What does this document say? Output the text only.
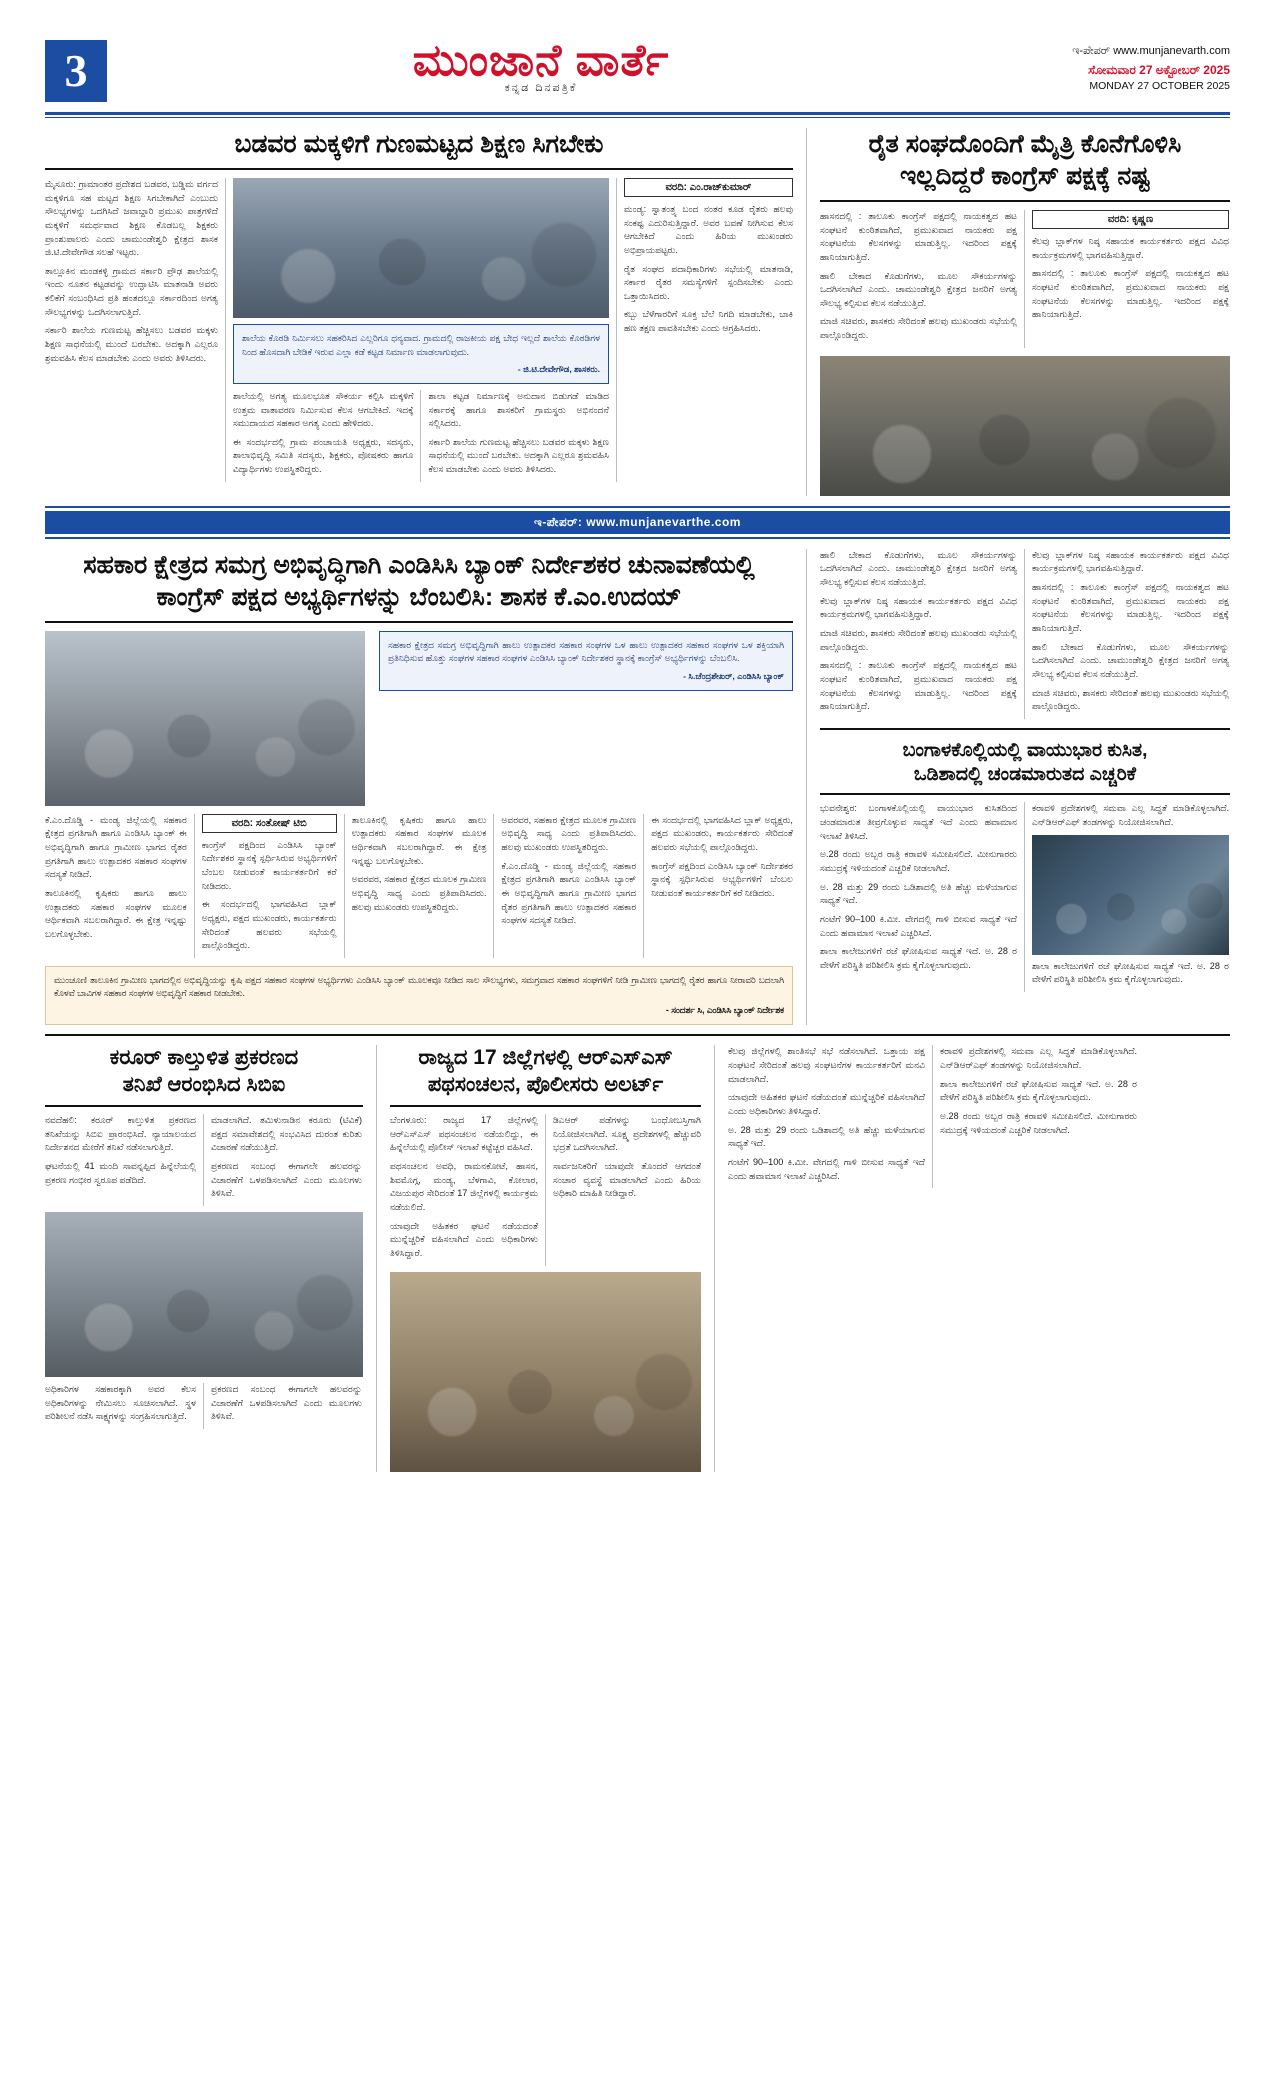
3	ಮುಂಜಾನೆ ವಾರ್ತೆ
ಕನ್ನಡ ದಿನಪತ್ರಿಕೆ
ಇ-ಪೇಪರ್ www.munjanevarth.com
ಸೋಮವಾರ 27 ಅಕ್ಟೋಬರ್ 2025
MONDAY 27 OCTOBER 2025
ಬಡವರ ಮಕ್ಕಳಿಗೆ ಗುಣಮಟ್ಟದ ಶಿಕ್ಷಣ ಸಿಗಬೇಕು

ಮೈಸೂರು: ಗ್ರಾಮಾಂತರ ಪ್ರದೇಶದ ಬಡವರ, ಬಡ್ಡಿಮ ವರ್ಗದ ಮಕ್ಕಳಿಗೂ ಸಹ ಮಟ್ಟದ ಶಿಕ್ಷಣ ಸಿಗಬೇಕಾಗಿದೆ ಎಂಬುದು ಸೌಲಭ್ಯಗಳನ್ನು ಒದಗಿಸಿದೆ ಜವಾಬ್ದಾರಿ ಪ್ರಮುಖ ಪಾತ್ರಗಳಿದೆ ಮಕ್ಕಳಿಗೆ ಸಮರ್ಥವಾದ ಶಿಕ್ಷಣ ಕೊಡಬಲ್ಲ ಶಿಕ್ಷಕರು ಪ್ರಾಂಶುಪಾಲರು ಎಂದು ಚಾಮುಂಡೇಶ್ವರಿ ಕ್ಷೇತ್ರದ ಶಾಸಕ ಜಿ.ಟಿ.ದೇವೇಗೌಡ ಸಲಹೆ ಇಟ್ಟರು.

ತಾಲ್ಲೂಕಿನ ಮಂಡಕಳ್ಳಿ ಗ್ರಾಮದ ಸರ್ಕಾರಿ ಪ್ರೌಢ ಶಾಲೆಯಲ್ಲಿ ಇಂದು ನೂತನ ಕಟ್ಟಡವನ್ನು ಉದ್ಘಾಟಿಸಿ ಮಾತನಾಡಿ ಅವರು ಕಲಿಕೆಗೆ ಸಂಬಂಧಿಸಿದ ಪ್ರತಿ ಹಂತದಲ್ಲೂ ಸರ್ಕಾರದಿಂದ ಅಗತ್ಯ ಸೌಲಭ್ಯಗಳನ್ನು ಒದಗಿಸಲಾಗುತ್ತಿದೆ.

ಸರ್ಕಾರಿ ಶಾಲೆಯ ಗುಣಮಟ್ಟ ಹೆಚ್ಚಿಸಲು ಬಡವರ ಮಕ್ಕಳು ಶಿಕ್ಷಣ ಸಾಧನೆಯಲ್ಲಿ ಮುಂದೆ ಬರಬೇಕು. ಅದಕ್ಕಾಗಿ ಎಲ್ಲರೂ ಶ್ರಮವಹಿಸಿ ಕೆಲಸ ಮಾಡಬೇಕು ಎಂದು ಅವರು ತಿಳಿಸಿದರು.

ಶಾಲೆಯ ಕೊಠಡಿ ನಿರ್ಮಿಸಲು ಸಹಕರಿಸಿದ ಎಲ್ಲರಿಗೂ ಧನ್ಯವಾದ. ಗ್ರಾಮದಲ್ಲಿ ರಾಜಕೀಯ ಪಕ್ಷ ಬೇಧ ಇಲ್ಲದೆ ಶಾಲೆಯ ಕೊಠಡಿಗಳ ನಿಂದ ಹೊಸದಾಗಿ ಬೇಡಿಕೆ ಇರುವ ಎಲ್ಲಾ ಕಡೆ ಕಟ್ಟಡ ನಿರ್ಮಾಣ ಮಾಡಲಾಗುವುದು.
- ಜಿ.ಟಿ.ದೇವೇಗೌಡ, ಶಾಸಕರು.

ಶಾಲೆಯಲ್ಲಿ ಅಗತ್ಯ ಮೂಲಭೂತ ಸೌಕರ್ಯ ಕಲ್ಪಿಸಿ ಮಕ್ಕಳಿಗೆ ಉತ್ತಮ ವಾತಾವರಣ ನಿರ್ಮಿಸುವ ಕೆಲಸ ಆಗಬೇಕಿದೆ. ಇದಕ್ಕೆ ಸಮುದಾಯದ ಸಹಕಾರ ಅಗತ್ಯ ಎಂದು ಹೇಳಿದರು.

ಈ ಸಂದರ್ಭದಲ್ಲಿ ಗ್ರಾಮ ಪಂಚಾಯತಿ ಅಧ್ಯಕ್ಷರು, ಸದಸ್ಯರು, ಶಾಲಾಭಿವೃದ್ಧಿ ಸಮಿತಿ ಸದಸ್ಯರು, ಶಿಕ್ಷಕರು, ಪೋಷಕರು ಹಾಗೂ ವಿದ್ಯಾರ್ಥಿಗಳು ಉಪಸ್ಥಿತರಿದ್ದರು.

ಶಾಲಾ ಕಟ್ಟಡ ನಿರ್ಮಾಣಕ್ಕೆ ಅನುದಾನ ಬಿಡುಗಡೆ ಮಾಡಿದ ಸರ್ಕಾರಕ್ಕೆ ಹಾಗೂ ಶಾಸಕರಿಗೆ ಗ್ರಾಮಸ್ಥರು ಅಭಿನಂದನೆ ಸಲ್ಲಿಸಿದರು.

ಸರ್ಕಾರಿ ಶಾಲೆಯ ಗುಣಮಟ್ಟ ಹೆಚ್ಚಿಸಲು ಬಡವರ ಮಕ್ಕಳು ಶಿಕ್ಷಣ ಸಾಧನೆಯಲ್ಲಿ ಮುಂದೆ ಬರಬೇಕು. ಅದಕ್ಕಾಗಿ ಎಲ್ಲರೂ ಶ್ರಮವಹಿಸಿ ಕೆಲಸ ಮಾಡಬೇಕು ಎಂದು ಅವರು ತಿಳಿಸಿದರು.

ವರದಿ: ಎಂ.ರಾಜ್‌ಕುಮಾರ್

ಮಂಡ್ಯ: ಸ್ವಾತಂತ್ರ್ಯ ಬಂದ ನಂತರ ಕೂಡ ರೈತರು ಹಲವು ಸಂಕಷ್ಟ ಎದುರಿಸುತ್ತಿದ್ದಾರೆ. ಅವರ ಬವಣೆ ನೀಗಿಸುವ ಕೆಲಸ ಆಗಬೇಕಿದೆ ಎಂದು ಹಿರಿಯ ಮುಖಂಡರು ಅಭಿಪ್ರಾಯಪಟ್ಟರು.

ರೈತ ಸಂಘದ ಪದಾಧಿಕಾರಿಗಳು ಸಭೆಯಲ್ಲಿ ಮಾತನಾಡಿ, ಸರ್ಕಾರ ರೈತರ ಸಮಸ್ಯೆಗಳಿಗೆ ಸ್ಪಂದಿಸಬೇಕು ಎಂದು ಒತ್ತಾಯಿಸಿದರು.

ಕಬ್ಬು ಬೆಳೆಗಾರರಿಗೆ ಸೂಕ್ತ ಬೆಲೆ ನಿಗದಿ ಮಾಡಬೇಕು, ಬಾಕಿ ಹಣ ತಕ್ಷಣ ಪಾವತಿಸಬೇಕು ಎಂದು ಆಗ್ರಹಿಸಿದರು.

ರೈತ ಸಂಘದೊಂದಿಗೆ ಮೈತ್ರಿ ಕೊನೆಗೊಳಿಸಿ
ಇಲ್ಲದಿದ್ದರೆ ಕಾಂಗ್ರೆಸ್ ಪಕ್ಷಕ್ಕೆ ನಷ್ಟ

ಹಾಸನದಲ್ಲಿ : ತಾಲೂಕು ಕಾಂಗ್ರೆಸ್ ಪಕ್ಷದಲ್ಲಿ ನಾಯಕತ್ವದ ಹಟ ಸಂಘಟನೆ ಕುಂಠಿತವಾಗಿದೆ, ಪ್ರಮುಖವಾದ ನಾಯಕರು ಪಕ್ಷ ಸಂಘಟನೆಯ ಕೆಲಸಗಳನ್ನು ಮಾಡುತ್ತಿಲ್ಲ. ಇದರಿಂದ ಪಕ್ಷಕ್ಕೆ ಹಾನಿಯಾಗುತ್ತಿದೆ.

ಹಾಲಿ ಬೇಕಾದ ಕೊಡುಗೆಗಳು, ಮೂಲ ಸೌಕರ್ಯಗಳನ್ನು ಒದಗಿಸಲಾಗಿದೆ ಎಂದು. ಚಾಮುಂಡೇಶ್ವರಿ ಕ್ಷೇತ್ರದ ಜನರಿಗೆ ಅಗತ್ಯ ಸೌಲಭ್ಯ ಕಲ್ಪಿಸುವ ಕೆಲಸ ನಡೆಯುತ್ತಿದೆ.

ಮಾಜಿ ಸಚಿವರು, ಶಾಸಕರು ಸೇರಿದಂತೆ ಹಲವು ಮುಖಂಡರು ಸಭೆಯಲ್ಲಿ ಪಾಲ್ಗೊಂಡಿದ್ದರು.

ವರದಿ: ಕೃಷ್ಣಣ

ಕೆಲವು ಬ್ಲಾಕ್‌ಗಳ ನಿಷ್ಠ ಸಹಾಯಕ ಕಾರ್ಯಕರ್ತರು ಪಕ್ಷದ ವಿವಿಧ ಕಾರ್ಯಕ್ರಮಗಳಲ್ಲಿ ಭಾಗವಹಿಸುತ್ತಿದ್ದಾರೆ.

ಹಾಸನದಲ್ಲಿ : ತಾಲೂಕು ಕಾಂಗ್ರೆಸ್ ಪಕ್ಷದಲ್ಲಿ ನಾಯಕತ್ವದ ಹಟ ಸಂಘಟನೆ ಕುಂಠಿತವಾಗಿದೆ, ಪ್ರಮುಖವಾದ ನಾಯಕರು ಪಕ್ಷ ಸಂಘಟನೆಯ ಕೆಲಸಗಳನ್ನು ಮಾಡುತ್ತಿಲ್ಲ. ಇದರಿಂದ ಪಕ್ಷಕ್ಕೆ ಹಾನಿಯಾಗುತ್ತಿದೆ.

ಇ-ಪೇಪರ್: www.munjanevarthe.com
ಸಹಕಾರ ಕ್ಷೇತ್ರದ ಸಮಗ್ರ ಅಭಿವೃದ್ಧಿಗಾಗಿ ಎಂಡಿಸಿಸಿ ಬ್ಯಾಂಕ್ ನಿರ್ದೇಶಕರ ಚುನಾವಣೆಯಲ್ಲಿ
ಕಾಂಗ್ರೆಸ್ ಪಕ್ಷದ ಅಭ್ಯರ್ಥಿಗಳನ್ನು ಬೆಂಬಲಿಸಿ: ಶಾಸಕ ಕೆ.ಎಂ.ಉದಯ್
ಸಹಕಾರ ಕ್ಷೇತ್ರದ ಸಮಗ್ರ ಅಭಿವೃದ್ಧಿಗಾಗಿ ಹಾಲು ಉತ್ಪಾದಕರ ಸಹಕಾರ ಸಂಘಗಳ ಒಳ ಹಾಲು ಉತ್ಪಾದಕರ ಸಹಕಾರ ಸಂಘಗಳ ಒಳ ಶಕ್ತಿಯಾಗಿ ಪ್ರತಿನಿಧಿಸುವ ಹೊತ್ತು ಸಂಘಗಳ ಸಹಕಾರ ಸಂಘಗಳ ಎಂಡಿಸಿಸಿ ಬ್ಯಾಂಕ್ ನಿರ್ದೇಶಕರ ಸ್ಥಾನಕ್ಕೆ ಕಾಂಗ್ರೆಸ್ ಅಭ್ಯರ್ಥಿಗಳನ್ನು ಬೆಂಬಲಿಸಿ.
- ಸಿ.ಚೆಂದ್ರಶೇಖರ್, ಎಂಡಿಸಿಸಿ ಬ್ಯಾಂಕ್

ಕೆ.ಎಂ.ದೊಡ್ಡಿ - ಮಂಡ್ಯ ಜಿಲ್ಲೆಯಲ್ಲಿ ಸಹಕಾರ ಕ್ಷೇತ್ರದ ಪ್ರಗತಿಗಾಗಿ ಹಾಗೂ ಎಂಡಿಸಿಸಿ ಬ್ಯಾಂಕ್ ಈ ಅಭಿವೃದ್ಧಿಗಾಗಿ ಹಾಗೂ ಗ್ರಾಮೀಣ ಭಾಗದ ರೈತರ ಪ್ರಗತಿಗಾಗಿ ಹಾಲು ಉತ್ಪಾದಕರ ಸಹಕಾರ ಸಂಘಗಳ ಸದಸ್ಯತೆ ನೀಡಿದೆ.

ತಾಲೂಕಿನಲ್ಲಿ ಕೃಷಿಕರು ಹಾಗೂ ಹಾಲು ಉತ್ಪಾದಕರು ಸಹಕಾರ ಸಂಘಗಳ ಮೂಲಕ ಆರ್ಥಿಕವಾಗಿ ಸಬಲರಾಗಿದ್ದಾರೆ. ಈ ಕ್ಷೇತ್ರ ಇನ್ನಷ್ಟು ಬಲಗೊಳ್ಳಬೇಕು.

ವರದಿ: ಸಂತೋಷ್ ಟಿಬಿ

ಕಾಂಗ್ರೆಸ್ ಪಕ್ಷದಿಂದ ಎಂಡಿಸಿಸಿ ಬ್ಯಾಂಕ್ ನಿರ್ದೇಶಕರ ಸ್ಥಾನಕ್ಕೆ ಸ್ಪರ್ಧಿಸಿರುವ ಅಭ್ಯರ್ಥಿಗಳಿಗೆ ಬೆಂಬಲ ನೀಡುವಂತೆ ಕಾರ್ಯಕರ್ತರಿಗೆ ಕರೆ ನೀಡಿದರು.

ಈ ಸಂದರ್ಭದಲ್ಲಿ ಭಾಗವಹಿಸಿದ ಬ್ಲಾಕ್ ಅಧ್ಯಕ್ಷರು, ಪಕ್ಷದ ಮುಖಂಡರು, ಕಾರ್ಯಕರ್ತರು ಸೇರಿದಂತೆ ಹಲವರು ಸಭೆಯಲ್ಲಿ ಪಾಲ್ಗೊಂಡಿದ್ದರು.

ತಾಲೂಕಿನಲ್ಲಿ ಕೃಷಿಕರು ಹಾಗೂ ಹಾಲು ಉತ್ಪಾದಕರು ಸಹಕಾರ ಸಂಘಗಳ ಮೂಲಕ ಆರ್ಥಿಕವಾಗಿ ಸಬಲರಾಗಿದ್ದಾರೆ. ಈ ಕ್ಷೇತ್ರ ಇನ್ನಷ್ಟು ಬಲಗೊಳ್ಳಬೇಕು.

ಅವರವರ, ಸಹಕಾರ ಕ್ಷೇತ್ರದ ಮೂಲಕ ಗ್ರಾಮೀಣ ಅಭಿವೃದ್ಧಿ ಸಾಧ್ಯ ಎಂದು ಪ್ರತಿಪಾದಿಸಿದರು. ಹಲವು ಮುಖಂಡರು ಉಪಸ್ಥಿತರಿದ್ದರು.

ಅವರವರ, ಸಹಕಾರ ಕ್ಷೇತ್ರದ ಮೂಲಕ ಗ್ರಾಮೀಣ ಅಭಿವೃದ್ಧಿ ಸಾಧ್ಯ ಎಂದು ಪ್ರತಿಪಾದಿಸಿದರು. ಹಲವು ಮುಖಂಡರು ಉಪಸ್ಥಿತರಿದ್ದರು.

ಕೆ.ಎಂ.ದೊಡ್ಡಿ - ಮಂಡ್ಯ ಜಿಲ್ಲೆಯಲ್ಲಿ ಸಹಕಾರ ಕ್ಷೇತ್ರದ ಪ್ರಗತಿಗಾಗಿ ಹಾಗೂ ಎಂಡಿಸಿಸಿ ಬ್ಯಾಂಕ್ ಈ ಅಭಿವೃದ್ಧಿಗಾಗಿ ಹಾಗೂ ಗ್ರಾಮೀಣ ಭಾಗದ ರೈತರ ಪ್ರಗತಿಗಾಗಿ ಹಾಲು ಉತ್ಪಾದಕರ ಸಹಕಾರ ಸಂಘಗಳ ಸದಸ್ಯತೆ ನೀಡಿದೆ.

ಈ ಸಂದರ್ಭದಲ್ಲಿ ಭಾಗವಹಿಸಿದ ಬ್ಲಾಕ್ ಅಧ್ಯಕ್ಷರು, ಪಕ್ಷದ ಮುಖಂಡರು, ಕಾರ್ಯಕರ್ತರು ಸೇರಿದಂತೆ ಹಲವರು ಸಭೆಯಲ್ಲಿ ಪಾಲ್ಗೊಂಡಿದ್ದರು.

ಕಾಂಗ್ರೆಸ್ ಪಕ್ಷದಿಂದ ಎಂಡಿಸಿಸಿ ಬ್ಯಾಂಕ್ ನಿರ್ದೇಶಕರ ಸ್ಥಾನಕ್ಕೆ ಸ್ಪರ್ಧಿಸಿರುವ ಅಭ್ಯರ್ಥಿಗಳಿಗೆ ಬೆಂಬಲ ನೀಡುವಂತೆ ಕಾರ್ಯಕರ್ತರಿಗೆ ಕರೆ ನೀಡಿದರು.

ಮುಂಚೂಣಿ ತಾಲೂಕಿನ ಗ್ರಾಮೀಣ ಭಾಗದಲ್ಲಿನ ಅಭಿವೃದ್ಧಿಯನ್ನು ಕೃಷಿ ಪಕ್ಷದ ಸಹಕಾರ ಸಂಘಗಳ ಅಭ್ಯರ್ಥಿಗಳು ಎಂಡಿಸಿಸಿ ಬ್ಯಾಂಕ್ ಮೂಲಕವೂ ನೀಡಿದ ಸಾಲ ಸೌಲಭ್ಯಗಳು, ಸಮಗ್ರವಾದ ಸಹಕಾರ ಸಂಘಗಳಿಗೆ ನೀಡಿ ಗ್ರಾಮೀಣ ಭಾಗದಲ್ಲಿ ರೈತರ ಹಾಗೂ ನೀರಾವರಿ ಬದಲಾಗಿ ಕೊಳವೆ ಬಾವಿಗಳ ಸಹಕಾರ ಸಂಘಗಳ ಅಭಿವೃದ್ಧಿಗೆ ಸಹಕಾರ ನೀಡಬೇಕು.
- ಸಂದರ್ಶ ಸಿ, ಎಂಡಿಸಿಸಿ ಬ್ಯಾಂಕ್ ನಿರ್ದೇಶಕ

ಹಾಲಿ ಬೇಕಾದ ಕೊಡುಗೆಗಳು, ಮೂಲ ಸೌಕರ್ಯಗಳನ್ನು ಒದಗಿಸಲಾಗಿದೆ ಎಂದು. ಚಾಮುಂಡೇಶ್ವರಿ ಕ್ಷೇತ್ರದ ಜನರಿಗೆ ಅಗತ್ಯ ಸೌಲಭ್ಯ ಕಲ್ಪಿಸುವ ಕೆಲಸ ನಡೆಯುತ್ತಿದೆ.

ಕೆಲವು ಬ್ಲಾಕ್‌ಗಳ ನಿಷ್ಠ ಸಹಾಯಕ ಕಾರ್ಯಕರ್ತರು ಪಕ್ಷದ ವಿವಿಧ ಕಾರ್ಯಕ್ರಮಗಳಲ್ಲಿ ಭಾಗವಹಿಸುತ್ತಿದ್ದಾರೆ.

ಮಾಜಿ ಸಚಿವರು, ಶಾಸಕರು ಸೇರಿದಂತೆ ಹಲವು ಮುಖಂಡರು ಸಭೆಯಲ್ಲಿ ಪಾಲ್ಗೊಂಡಿದ್ದರು.

ಹಾಸನದಲ್ಲಿ : ತಾಲೂಕು ಕಾಂಗ್ರೆಸ್ ಪಕ್ಷದಲ್ಲಿ ನಾಯಕತ್ವದ ಹಟ ಸಂಘಟನೆ ಕುಂಠಿತವಾಗಿದೆ, ಪ್ರಮುಖವಾದ ನಾಯಕರು ಪಕ್ಷ ಸಂಘಟನೆಯ ಕೆಲಸಗಳನ್ನು ಮಾಡುತ್ತಿಲ್ಲ. ಇದರಿಂದ ಪಕ್ಷಕ್ಕೆ ಹಾನಿಯಾಗುತ್ತಿದೆ.

ಕೆಲವು ಬ್ಲಾಕ್‌ಗಳ ನಿಷ್ಠ ಸಹಾಯಕ ಕಾರ್ಯಕರ್ತರು ಪಕ್ಷದ ವಿವಿಧ ಕಾರ್ಯಕ್ರಮಗಳಲ್ಲಿ ಭಾಗವಹಿಸುತ್ತಿದ್ದಾರೆ.

ಹಾಸನದಲ್ಲಿ : ತಾಲೂಕು ಕಾಂಗ್ರೆಸ್ ಪಕ್ಷದಲ್ಲಿ ನಾಯಕತ್ವದ ಹಟ ಸಂಘಟನೆ ಕುಂಠಿತವಾಗಿದೆ, ಪ್ರಮುಖವಾದ ನಾಯಕರು ಪಕ್ಷ ಸಂಘಟನೆಯ ಕೆಲಸಗಳನ್ನು ಮಾಡುತ್ತಿಲ್ಲ. ಇದರಿಂದ ಪಕ್ಷಕ್ಕೆ ಹಾನಿಯಾಗುತ್ತಿದೆ.

ಹಾಲಿ ಬೇಕಾದ ಕೊಡುಗೆಗಳು, ಮೂಲ ಸೌಕರ್ಯಗಳನ್ನು ಒದಗಿಸಲಾಗಿದೆ ಎಂದು. ಚಾಮುಂಡೇಶ್ವರಿ ಕ್ಷೇತ್ರದ ಜನರಿಗೆ ಅಗತ್ಯ ಸೌಲಭ್ಯ ಕಲ್ಪಿಸುವ ಕೆಲಸ ನಡೆಯುತ್ತಿದೆ.

ಮಾಜಿ ಸಚಿವರು, ಶಾಸಕರು ಸೇರಿದಂತೆ ಹಲವು ಮುಖಂಡರು ಸಭೆಯಲ್ಲಿ ಪಾಲ್ಗೊಂಡಿದ್ದರು.

ಬಂಗಾಳಕೊಲ್ಲಿಯಲ್ಲಿ ವಾಯುಭಾರ ಕುಸಿತ,
ಒಡಿಶಾದಲ್ಲಿ ಚಂಡಮಾರುತದ ಎಚ್ಚರಿಕೆ

ಭುವನೇಶ್ವರ: ಬಂಗಾಳಕೊಲ್ಲಿಯಲ್ಲಿ ವಾಯುಭಾರ ಕುಸಿತದಿಂದ ಚಂಡಮಾರುತ ತೀವ್ರಗೊಳ್ಳುವ ಸಾಧ್ಯತೆ ಇದೆ ಎಂದು ಹವಾಮಾನ ಇಲಾಖೆ ತಿಳಿಸಿದೆ.

ಅ.28 ರಂದು ಅಬ್ಬರ ರಾತ್ರಿ ಕರಾವಳಿ ಸಮೀಪಿಸಲಿದೆ. ಮೀನುಗಾರರು ಸಮುದ್ರಕ್ಕೆ ಇಳಿಯದಂತೆ ಎಚ್ಚರಿಕೆ ನೀಡಲಾಗಿದೆ.

ಅ. 28 ಮತ್ತು 29 ರಂದು ಒಡಿಶಾದಲ್ಲಿ ಅತಿ ಹೆಚ್ಚು ಮಳೆಯಾಗುವ ಸಾಧ್ಯತೆ ಇದೆ.

ಗಂಟೆಗೆ 90–100 ಕಿ.ಮೀ. ವೇಗದಲ್ಲಿ ಗಾಳಿ ಬೀಸುವ ಸಾಧ್ಯತೆ ಇದೆ ಎಂದು ಹವಾಮಾನ ಇಲಾಖೆ ಎಚ್ಚರಿಸಿದೆ.

ಶಾಲಾ ಕಾಲೇಜುಗಳಿಗೆ ರಜೆ ಘೋಷಿಸುವ ಸಾಧ್ಯತೆ ಇದೆ. ಅ. 28 ರ ವೇಳೆಗೆ ಪರಿಸ್ಥಿತಿ ಪರಿಶೀಲಿಸಿ ಕ್ರಮ ಕೈಗೊಳ್ಳಲಾಗುವುದು.

ಕರಾವಳಿ ಪ್ರದೇಶಗಳಲ್ಲಿ ಸಮವಾ ಎಲ್ಲ ಸಿದ್ಧತೆ ಮಾಡಿಕೊಳ್ಳಲಾಗಿದೆ. ಎನ್‌ಡಿಆರ್‌ಎಫ್ ತಂಡಗಳನ್ನು ನಿಯೋಜಿಸಲಾಗಿದೆ.

ಶಾಲಾ ಕಾಲೇಜುಗಳಿಗೆ ರಜೆ ಘೋಷಿಸುವ ಸಾಧ್ಯತೆ ಇದೆ. ಅ. 28 ರ ವೇಳೆಗೆ ಪರಿಸ್ಥಿತಿ ಪರಿಶೀಲಿಸಿ ಕ್ರಮ ಕೈಗೊಳ್ಳಲಾಗುವುದು.

ಕರೂರ್ ಕಾಲ್ತುಳಿತ ಪ್ರಕರಣದ
ತನಿಖೆ ಆರಂಭಿಸಿದ ಸಿಬಿಐ

ನವದೆಹಲಿ: ಕರೂರ್ ಕಾಲ್ತುಳಿತ ಪ್ರಕರಣದ ತನಿಖೆಯನ್ನು ಸಿಬಿಐ ಪ್ರಾರಂಭಿಸಿದೆ. ನ್ಯಾಯಾಲಯದ ನಿರ್ದೇಶನದ ಮೇರೆಗೆ ತನಿಖೆ ನಡೆಸಲಾಗುತ್ತಿದೆ.

ಘಟನೆಯಲ್ಲಿ 41 ಮಂದಿ ಸಾವನ್ನಪ್ಪಿದ ಹಿನ್ನೆಲೆಯಲ್ಲಿ ಪ್ರಕರಣ ಗಂಭೀರ ಸ್ವರೂಪ ಪಡೆದಿದೆ.

ಮಾಡಲಾಗಿದೆ. ತಮಿಳುನಾಡಿನ ಕರೂರು (ಟಿವಿಕೆ) ಪಕ್ಷದ ಸಮಾವೇಶದಲ್ಲಿ ಸಂಭವಿಸಿದ ದುರಂತ ಕುರಿತು ವಿಚಾರಣೆ ನಡೆಯುತ್ತಿದೆ.

ಪ್ರಕರಣದ ಸಂಬಂಧ ಈಗಾಗಲೇ ಹಲವರನ್ನು ವಿಚಾರಣೆಗೆ ಒಳಪಡಿಸಲಾಗಿದೆ ಎಂದು ಮೂಲಗಳು ತಿಳಿಸಿವೆ.

ಅಧಿಕಾರಿಗಳ ಸಹಕಾರಕ್ಕಾಗಿ ಅವರ ಕೆಲಸ ಅಧಿಕಾರಿಗಳನ್ನು ನೇಮಿಸಲು ಸೂಚಿಸಲಾಗಿದೆ. ಸ್ಥಳ ಪರಿಶೀಲನೆ ನಡೆಸಿ ಸಾಕ್ಷ್ಯಗಳನ್ನು ಸಂಗ್ರಹಿಸಲಾಗುತ್ತಿದೆ.

ಪ್ರಕರಣದ ಸಂಬಂಧ ಈಗಾಗಲೇ ಹಲವರನ್ನು ವಿಚಾರಣೆಗೆ ಒಳಪಡಿಸಲಾಗಿದೆ ಎಂದು ಮೂಲಗಳು ತಿಳಿಸಿವೆ.

ರಾಜ್ಯದ 17 ಜಿಲ್ಲೆಗಳಲ್ಲಿ ಆರ್‌ಎಸ್‌ಎಸ್
ಪಥಸಂಚಲನ, ಪೊಲೀಸರು ಅಲರ್ಟ್

ಬೆಂಗಳೂರು: ರಾಜ್ಯದ 17 ಜಿಲ್ಲೆಗಳಲ್ಲಿ ಆರ್‌ಎಸ್‌ಎಸ್ ಪಥಸಂಚಲನ ನಡೆಯಲಿದ್ದು, ಈ ಹಿನ್ನೆಲೆಯಲ್ಲಿ ಪೊಲೀಸ್ ಇಲಾಖೆ ಕಟ್ಟೆಚ್ಚರ ವಹಿಸಿದೆ.

ಪಥಸಂಚಲನ ಅವಧಿ, ರಾಮನಕೋಟೆ, ಹಾಸನ, ಶಿವಮೊಗ್ಗ, ಮಂಡ್ಯ, ಬೆಳಗಾವಿ, ಕೋಲಾರ, ವಿಜಯಪುರ ಸೇರಿದಂತೆ 17 ಜಿಲ್ಲೆಗಳಲ್ಲಿ ಕಾರ್ಯಕ್ರಮ ನಡೆಯಲಿದೆ.

ಯಾವುದೇ ಅಹಿತಕರ ಘಟನೆ ನಡೆಯದಂತೆ ಮುನ್ನೆಚ್ಚರಿಕೆ ವಹಿಸಲಾಗಿದೆ ಎಂದು ಅಧಿಕಾರಿಗಳು ತಿಳಿಸಿದ್ದಾರೆ.

ಡಿಎಆರ್ ಪಡೆಗಳನ್ನು ಬಂಧೋಬಸ್ತಿಗಾಗಿ ನಿಯೋಜಿಸಲಾಗಿದೆ. ಸೂಕ್ಷ್ಮ ಪ್ರದೇಶಗಳಲ್ಲಿ ಹೆಚ್ಚುವರಿ ಭದ್ರತೆ ಒದಗಿಸಲಾಗಿದೆ.

ಸಾರ್ವಜನಿಕರಿಗೆ ಯಾವುದೇ ತೊಂದರೆ ಆಗದಂತೆ ಸಂಚಾರ ವ್ಯವಸ್ಥೆ ಮಾಡಲಾಗಿದೆ ಎಂದು ಹಿರಿಯ ಅಧಿಕಾರಿ ಮಾಹಿತಿ ನೀಡಿದ್ದಾರೆ.

ಕೆಲವು ಜಿಲ್ಲೆಗಳಲ್ಲಿ ಶಾಂತಿಸಭೆ ಸಭೆ ನಡೆಸಲಾಗಿದೆ. ಒತ್ತಾಯ ಪಕ್ಷ ಸಂಘಟನೆ ಸೇರಿದಂತೆ ಹಲವು ಸಂಘಟನೆಗಳ ಕಾರ್ಯಕರ್ತರಿಗೆ ಮನವಿ ಮಾಡಲಾಗಿದೆ.

ಯಾವುದೇ ಅಹಿತಕರ ಘಟನೆ ನಡೆಯದಂತೆ ಮುನ್ನೆಚ್ಚರಿಕೆ ವಹಿಸಲಾಗಿದೆ ಎಂದು ಅಧಿಕಾರಿಗಳು ತಿಳಿಸಿದ್ದಾರೆ.

ಅ. 28 ಮತ್ತು 29 ರಂದು ಒಡಿಶಾದಲ್ಲಿ ಅತಿ ಹೆಚ್ಚು ಮಳೆಯಾಗುವ ಸಾಧ್ಯತೆ ಇದೆ.

ಗಂಟೆಗೆ 90–100 ಕಿ.ಮೀ. ವೇಗದಲ್ಲಿ ಗಾಳಿ ಬೀಸುವ ಸಾಧ್ಯತೆ ಇದೆ ಎಂದು ಹವಾಮಾನ ಇಲಾಖೆ ಎಚ್ಚರಿಸಿದೆ.

ಕರಾವಳಿ ಪ್ರದೇಶಗಳಲ್ಲಿ ಸಮವಾ ಎಲ್ಲ ಸಿದ್ಧತೆ ಮಾಡಿಕೊಳ್ಳಲಾಗಿದೆ. ಎನ್‌ಡಿಆರ್‌ಎಫ್ ತಂಡಗಳನ್ನು ನಿಯೋಜಿಸಲಾಗಿದೆ.

ಶಾಲಾ ಕಾಲೇಜುಗಳಿಗೆ ರಜೆ ಘೋಷಿಸುವ ಸಾಧ್ಯತೆ ಇದೆ. ಅ. 28 ರ ವೇಳೆಗೆ ಪರಿಸ್ಥಿತಿ ಪರಿಶೀಲಿಸಿ ಕ್ರಮ ಕೈಗೊಳ್ಳಲಾಗುವುದು.

ಅ.28 ರಂದು ಅಬ್ಬರ ರಾತ್ರಿ ಕರಾವಳಿ ಸಮೀಪಿಸಲಿದೆ. ಮೀನುಗಾರರು ಸಮುದ್ರಕ್ಕೆ ಇಳಿಯದಂತೆ ಎಚ್ಚರಿಕೆ ನೀಡಲಾಗಿದೆ.
